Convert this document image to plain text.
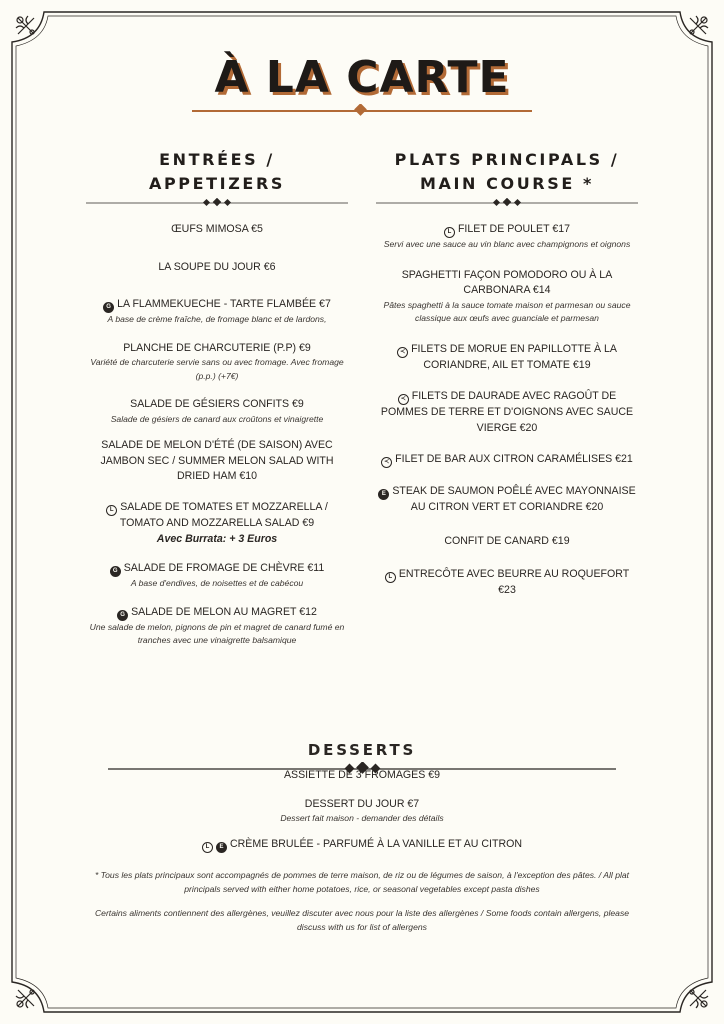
À LA CARTE
ENTRÉES /
APPETIZERS
ŒUFS MIMOSA €5
LA SOUPE DU JOUR €6
G LA FLAMMEKUECHE - TARTE FLAMBÉE €7
A base de crème fraîche, de fromage blanc et de lardons,
PLANCHE DE CHARCUTERIE (P.P) €9
Variété de charcuterie servie sans ou avec fromage. Avec fromage (p.p.) (+7€)
SALADE DE GÉSIERS CONFITS €9
Salade de gésiers de canard aux croûtons et vinaigrette
SALADE DE MELON D'ÉTÉ (DE SAISON) AVEC JAMBON SEC / SUMMER MELON SALAD WITH DRIED HAM €10
L SALADE DE TOMATES ET MOZZARELLA / TOMATO AND MOZZARELLA SALAD €9
Avec Burrata: + 3 Euros
G SALADE DE FROMAGE DE CHÈVRE €11
A base d'endives, de noisettes et de cabécou
G SALADE DE MELON AU MAGRET €12
Une salade de melon, pignons de pin et magret de canard fumé en tranches avec une vinaigrette balsamique
PLATS PRINCIPALS /
MAIN COURSE *
L FILET DE POULET €17
Servi avec une sauce au vin blanc avec champignons et oignons
SPAGHETTI FAÇON POMODORO OU À LA CARBONARA €14
Pâtes spaghetti à la sauce tomate maison et parmesan ou sauce classique aux œufs avec guanciale et parmesan
≺ FILETS DE MORUE EN PAPILLOTTE À LA CORIANDRE, AIL ET TOMATE €19
≺ FILETS DE DAURADE AVEC RAGOÛT DE POMMES DE TERRE ET D'OIGNONS AVEC SAUCE VIERGE €20
≺ FILET DE BAR AUX CITRON CARAMÉLISES €21
E STEAK DE SAUMON POÊLÉ AVEC MAYONNAISE AU CITRON VERT ET CORIANDRE €20
CONFIT DE CANARD €19
L ENTRECÔTE AVEC BEURRE AU ROQUEFORT €23
DESSERTS
ASSIETTE DE 3 FROMAGES €9
DESSERT DU JOUR €7
Dessert fait maison - demander des détails
L E CRÈME BRULÉE - PARFUMÉ À LA VANILLE ET AU CITRON

* Tous les plats principaux sont accompagnés de pommes de terre maison, de riz ou de légumes de saison, à l'exception des pâtes. / All plat principals served with either home potatoes, rice, or seasonal vegetables except pasta dishes

Certains aliments contiennent des allergènes, veuillez discuter avec nous pour la liste des allergènes / Some foods contain allergens, please discuss with us for list of allergens
